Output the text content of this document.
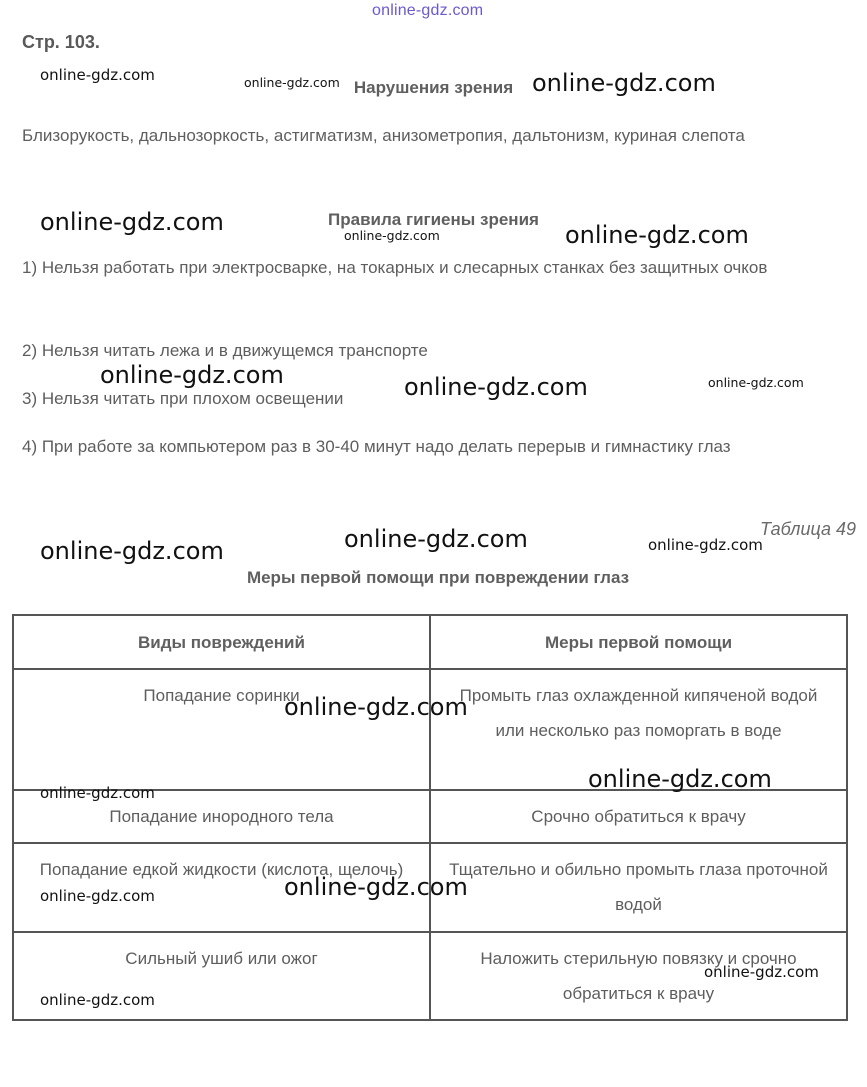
online-gdz.com
Стр. 103.
Нарушения зрения
Близорукость, дальнозоркость, астигматизм, анизометропия, дальтонизм, куриная слепота
Правила гигиены зрения
1) Нельзя работать при электросварке, на токарных и слесарных станках без защитных очков
2) Нельзя читать лежа и в движущемся транспорте
3) Нельзя читать при плохом освещении
4) При работе за компьютером раз в 30-40 минут надо делать перерыв и гимнастику глаз
Таблица 49
Меры первой помощи при повреждении глаз
Виды повреждений	Меры первой помощи
Попадание соринки	Промыть глаз охлажденной кипяченой водой или несколько раз поморгать в воде
Попадание инородного тела	Срочно обратиться к врачу
Попадание едкой жидкости (кислота, щелочь)	Тщательно и обильно промыть глаза проточной водой
Сильный ушиб или ожог	Наложить стерильную повязку и срочно обратиться к врачу
online-gdz.com	online-gdz.com	online-gdz.com
online-gdz.com	online-gdz.com	online-gdz.com
online-gdz.com	online-gdz.com	online-gdz.com
online-gdz.com	online-gdz.com	online-gdz.com
online-gdz.com
online-gdz.com
online-gdz.com
online-gdz.com
online-gdz.com
online-gdz.com
online-gdz.com
